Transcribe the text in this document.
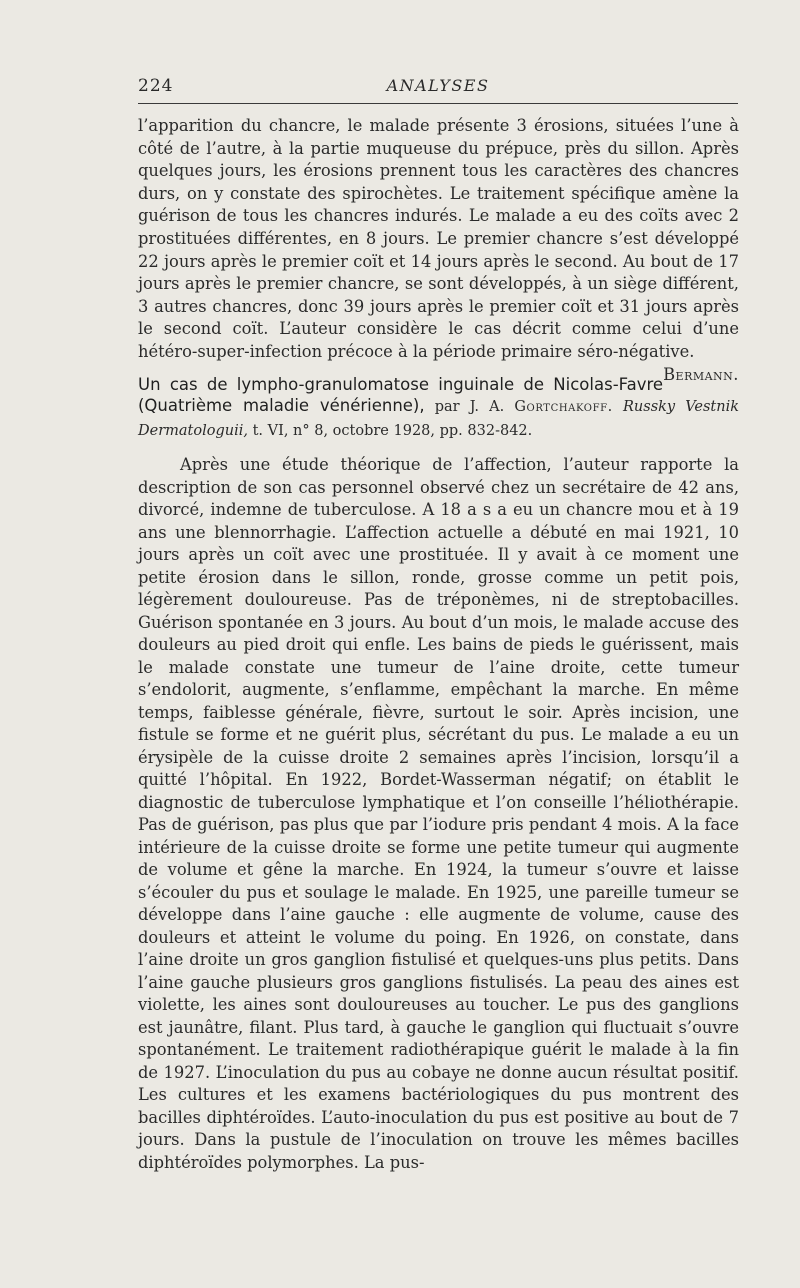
224	ANALYSES

l’apparition du chancre, le malade présente 3 érosions, situées l’une à côté de l’autre, à la partie muqueuse du prépuce, près du sillon. Après quelques jours, les érosions prennent tous les caractères des chancres durs, on y constate des spirochètes. Le traitement spécifique amène la guérison de tous les chancres indurés. Le malade a eu des coïts avec 2 prostituées différentes, en 8 jours. Le premier chancre s’est développé 22 jours après le premier coït et 14 jours après le second. Au bout de 17 jours après le premier chancre, se sont développés, à un siège différent, 3 autres chancres, donc 39 jours après le premier coït et 31 jours après le second coït. L’auteur considère le cas décrit comme celui d’une hétéro-super-infection précoce à la période primaire séro-négative.
Bermann.

Un cas de lympho-granulomatose inguinale de Nicolas-Favre (Quatrième maladie vénérienne), par J. A. Gortchakoff. Russky Vestnik Dermatologuii, t. VI, n° 8, octobre 1928, pp. 832-842.

Après une étude théorique de l’affection, l’auteur rapporte la description de son cas personnel observé chez un secrétaire de 42 ans, divorcé, indemne de tuberculose. A 18 a s a eu un chancre mou et à 19 ans une blennorrhagie. L’affection actuelle a débuté en mai 1921, 10 jours après un coït avec une prostituée. Il y avait à ce moment une petite érosion dans le sillon, ronde, grosse comme un petit pois, légèrement douloureuse. Pas de tréponèmes, ni de streptobacilles. Guérison spontanée en 3 jours. Au bout d’un mois, le malade accuse des douleurs au pied droit qui enfle. Les bains de pieds le guérissent, mais le malade constate une tumeur de l’aine droite, cette tumeur s’endolorit, augmente, s’enflamme, empêchant la marche. En même temps, faiblesse générale, fièvre, surtout le soir. Après incision, une fistule se forme et ne guérit plus, sécrétant du pus. Le malade a eu un érysipèle de la cuisse droite 2 semaines après l’incision, lorsqu’il a quitté l’hôpital. En 1922, Bordet-Wasserman négatif; on établit le diagnostic de tuberculose lymphatique et l’on conseille l’héliothérapie. Pas de guérison, pas plus que par l’iodure pris pendant 4 mois. A la face intérieure de la cuisse droite se forme une petite tumeur qui augmente de volume et gêne la marche. En 1924, la tumeur s’ouvre et laisse s’écouler du pus et soulage le malade. En 1925, une pareille tumeur se développe dans l’aine gauche : elle augmente de volume, cause des douleurs et atteint le volume du poing. En 1926, on constate, dans l’aine droite un gros ganglion fistulisé et quelques-uns plus petits. Dans l’aine gauche plusieurs gros ganglions fistulisés. La peau des aines est violette, les aines sont douloureuses au toucher. Le pus des ganglions est jaunâtre, filant. Plus tard, à gauche le ganglion qui fluctuait s’ouvre spontanément. Le traitement radiothérapique guérit le malade à la fin de 1927. L’inoculation du pus au cobaye ne donne aucun résultat positif. Les cultures et les examens bactériologiques du pus montrent des bacilles diphtéroïdes. L’auto-inoculation du pus est positive au bout de 7 jours. Dans la pustule de l’inoculation on trouve les mêmes bacilles diphtéroïdes polymorphes. La pus-
